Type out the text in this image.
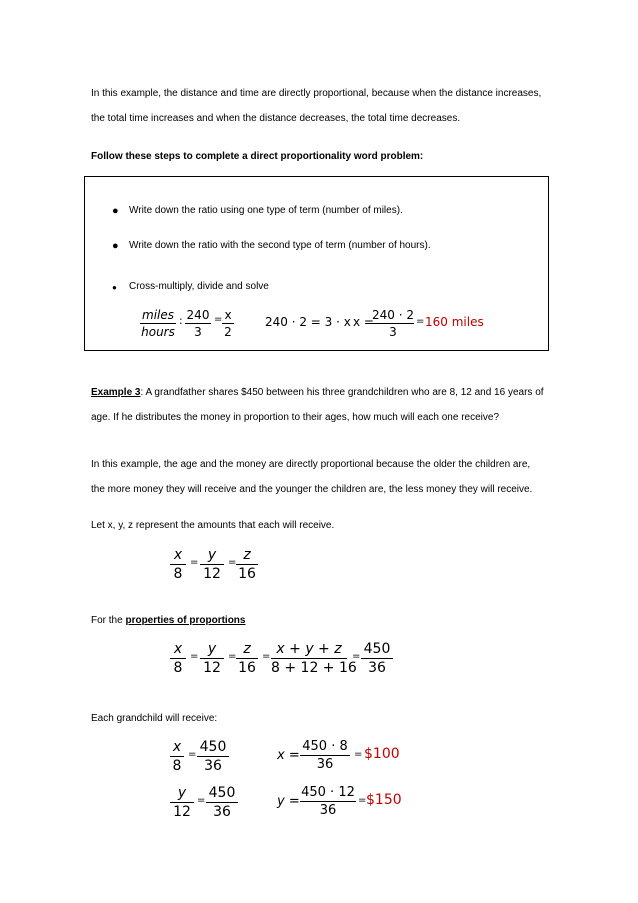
In this example, the distance and time are directly proportional, because when the distance increases,
the total time increases and when the distance decreases, the total time decreases.
Follow these steps to complete a direct proportionality word problem:
● Write down the ratio using one type of term (number of miles).
● Write down the ratio with the second type of term (number of hours).
● Cross-multiply, divide and solve
miles
hours
: 240
3
= x
2
240 · 2 = 3 · x x =
240 · 2
3
= 160 miles
Example 3: A grandfather shares $450 between his three grandchildren who are 8, 12 and 16 years of
age. If he distributes the money in proportion to their ages, how much will each one receive?
In this example, the age and the money are directly proportional because the older the children are,
the more money they will receive and the younger the children are, the less money they will receive.
Let x, y, z represent the amounts that each will receive.
x
8
= y
12
= z
16
For the properties of proportions
x
8
= y
12
= z
16
= x + y + z
8 + 12 + 16
= 450
36
Each grandchild will receive:
x
8
= 450
36
x =
450 · 8
36
= $100
y
12
= 450
36
y =
450 · 12
36
= $150
